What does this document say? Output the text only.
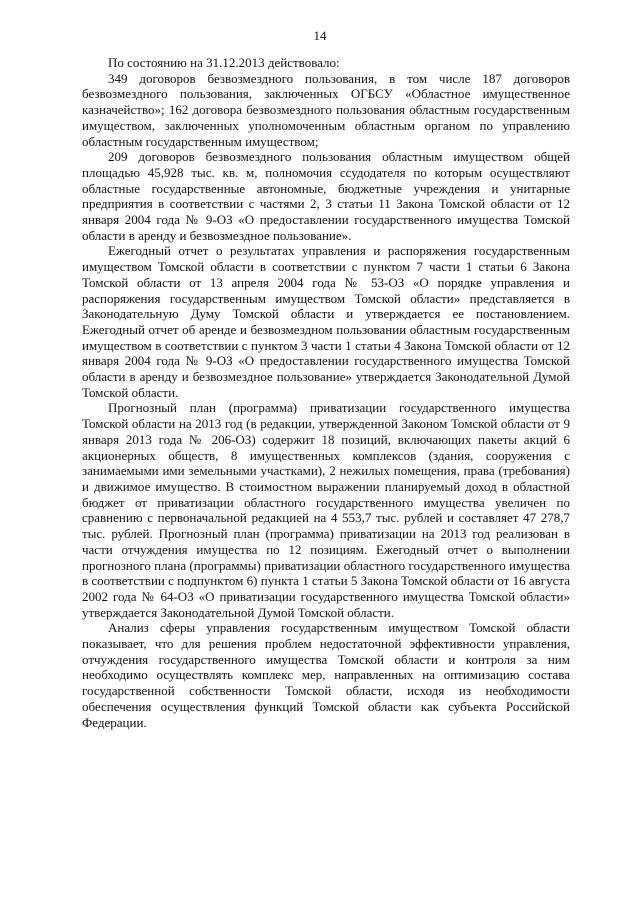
14

По состоянию на 31.12.2013 действовало:

349 договоров безвозмездного пользования, в том числе 187 договоров безвозмездного пользования, заключенных ОГБСУ «Областное имущественное казначейство»; 162 договора безвозмездного пользования областным государственным имуществом, заключенных уполномоченным областным органом по управлению областным государственным имуществом;

209 договоров безвозмездного пользования областным имуществом общей площадью 45,928 тыс. кв. м, полномочия ссудодателя по которым осуществляют областные государственные автономные, бюджетные учреждения и унитарные предприятия в соответствии с частями 2, 3 статьи 11 Закона Томской области от 12 января 2004 года № 9-ОЗ «О предоставлении государственного имущества Томской области в аренду и безвозмездное пользование».

Ежегодный отчет о результатах управления и распоряжения государственным имуществом Томской области в соответствии с пунктом 7 части 1 статьи 6 Закона Томской области от 13 апреля 2004 года № 53-ОЗ «О порядке управления и распоряжения государственным имуществом Томской области» представляется в Законодательную Думу Томской области и утверждается ее постановлением. Ежегодный отчет об аренде и безвозмездном пользовании областным государственным имуществом в соответствии с пунктом 3 части 1 статьи 4 Закона Томской области от 12 января 2004 года № 9-ОЗ «О предоставлении государственного имущества Томской области в аренду и безвозмездное пользование» утверждается Законодательной Думой Томской области.

Прогнозный план (программа) приватизации государственного имущества Томской области на 2013 год (в редакции, утвержденной Законом Томской области от 9 января 2013 года № 206-ОЗ) содержит 18 позиций, включающих пакеты акций 6 акционерных обществ, 8 имущественных комплексов (здания, сооружения с занимаемыми ими земельными участками), 2 нежилых помещения, права (требования) и движимое имущество. В стоимостном выражении планируемый доход в областной бюджет от приватизации областного государственного имущества увеличен по сравнению с первоначальной редакцией на 4 553,7 тыс. рублей и составляет 47 278,7 тыс. рублей. Прогнозный план (программа) приватизации на 2013 год реализован в части отчуждения имущества по 12 позициям. Ежегодный отчет о выполнении прогнозного плана (программы) приватизации областного государственного имущества в соответствии с подпунктом 6) пункта 1 статьи 5 Закона Томской области от 16 августа 2002 года № 64-ОЗ «О приватизации государственного имущества Томской области» утверждается Законодательной Думой Томской области.

Анализ сферы управления государственным имуществом Томской области показывает, что для решения проблем недостаточной эффективности управления, отчуждения государственного имущества Томской области и контроля за ним необходимо осуществлять комплекс мер, направленных на оптимизацию состава государственной собственности Томской области, исходя из необходимости обеспечения осуществления функций Томской области как субъекта Российской Федерации.
